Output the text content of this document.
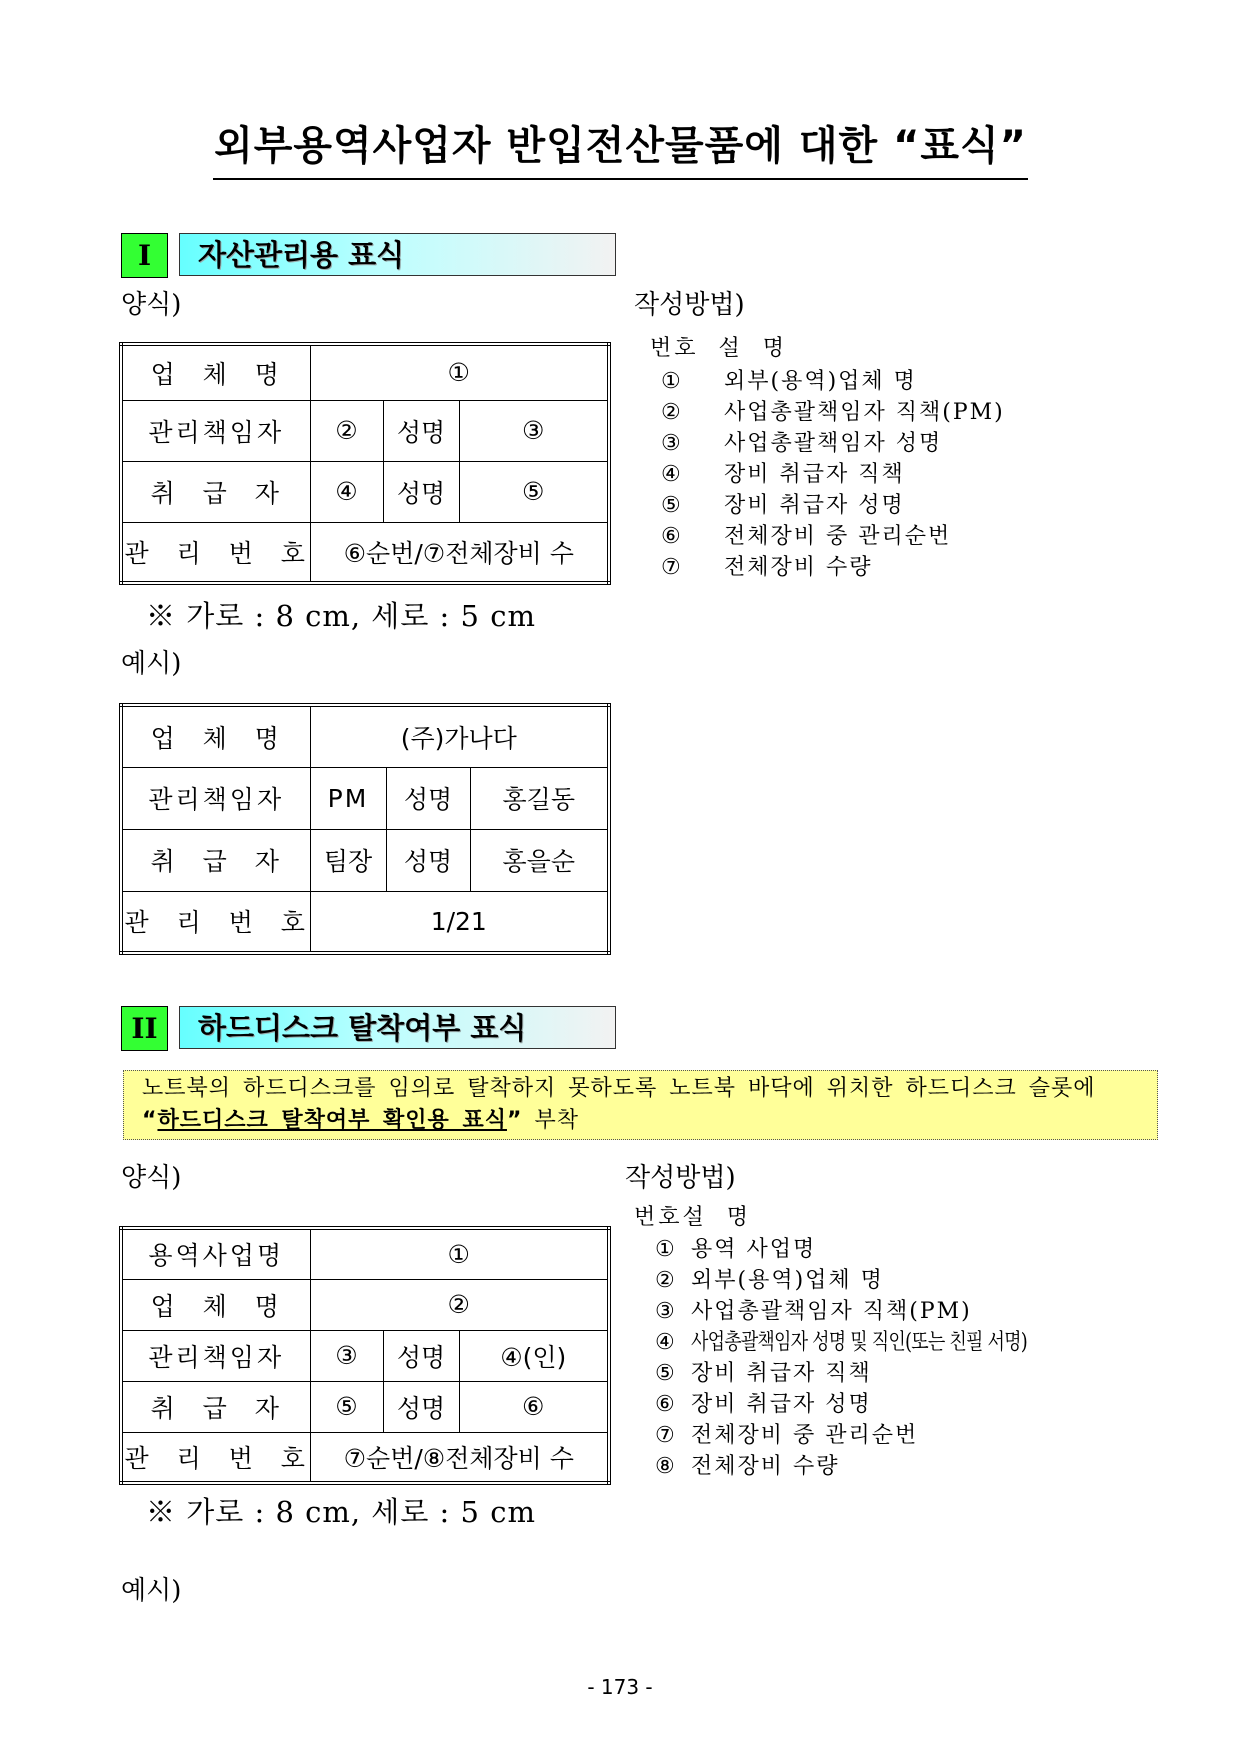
외부용역사업자 반입전산물품에 대한 “표식”
I	자산관리용 표식
양식)	작성방법)
업 체 명	①		
관리책임자	②	성명	③
취 급 자	④	성명	⑤
관 리 번 호	⑥순번/⑦전체장비 수		
번호 설 명
① 외부(용역)업체 명
② 사업총괄책임자 직책(PM)
③ 사업총괄책임자 성명
④ 장비 취급자 직책
⑤ 장비 취급자 성명
⑥ 전체장비 중 관리순번
⑦ 전체장비 수량
※ 가로 : 8 cm, 세로 : 5 cm
예시)
업 체 명	(주)가나다		
관리책임자	PM	성명	홍길동
취 급 자	팀장	성명	홍을순
관 리 번 호	1/21		
II	하드디스크 탈착여부 표식
노트북의 하드디스크를 임의로 탈착하지 못하도록 노트북 바닥에 위치한 하드디스크 슬롯에
“하드디스크 탈착여부 확인용 표식” 부착
양식)	작성방법)
용역사업명	①		
업 체 명	②		
관리책임자	③	성명	④(인)
취 급 자	⑤	성명	⑥
관 리 번 호	⑦순번/⑧전체장비 수		
번호설 명
① 용역 사업명
② 외부(용역)업체 명
③ 사업총괄책임자 직책(PM)
④ 사업총괄책임자 성명 및 직인(또는 친필 서명)
⑤ 장비 취급자 직책
⑥ 장비 취급자 성명
⑦ 전체장비 중 관리순번
⑧ 전체장비 수량
※ 가로 : 8 cm, 세로 : 5 cm
예시)
- 173 -
